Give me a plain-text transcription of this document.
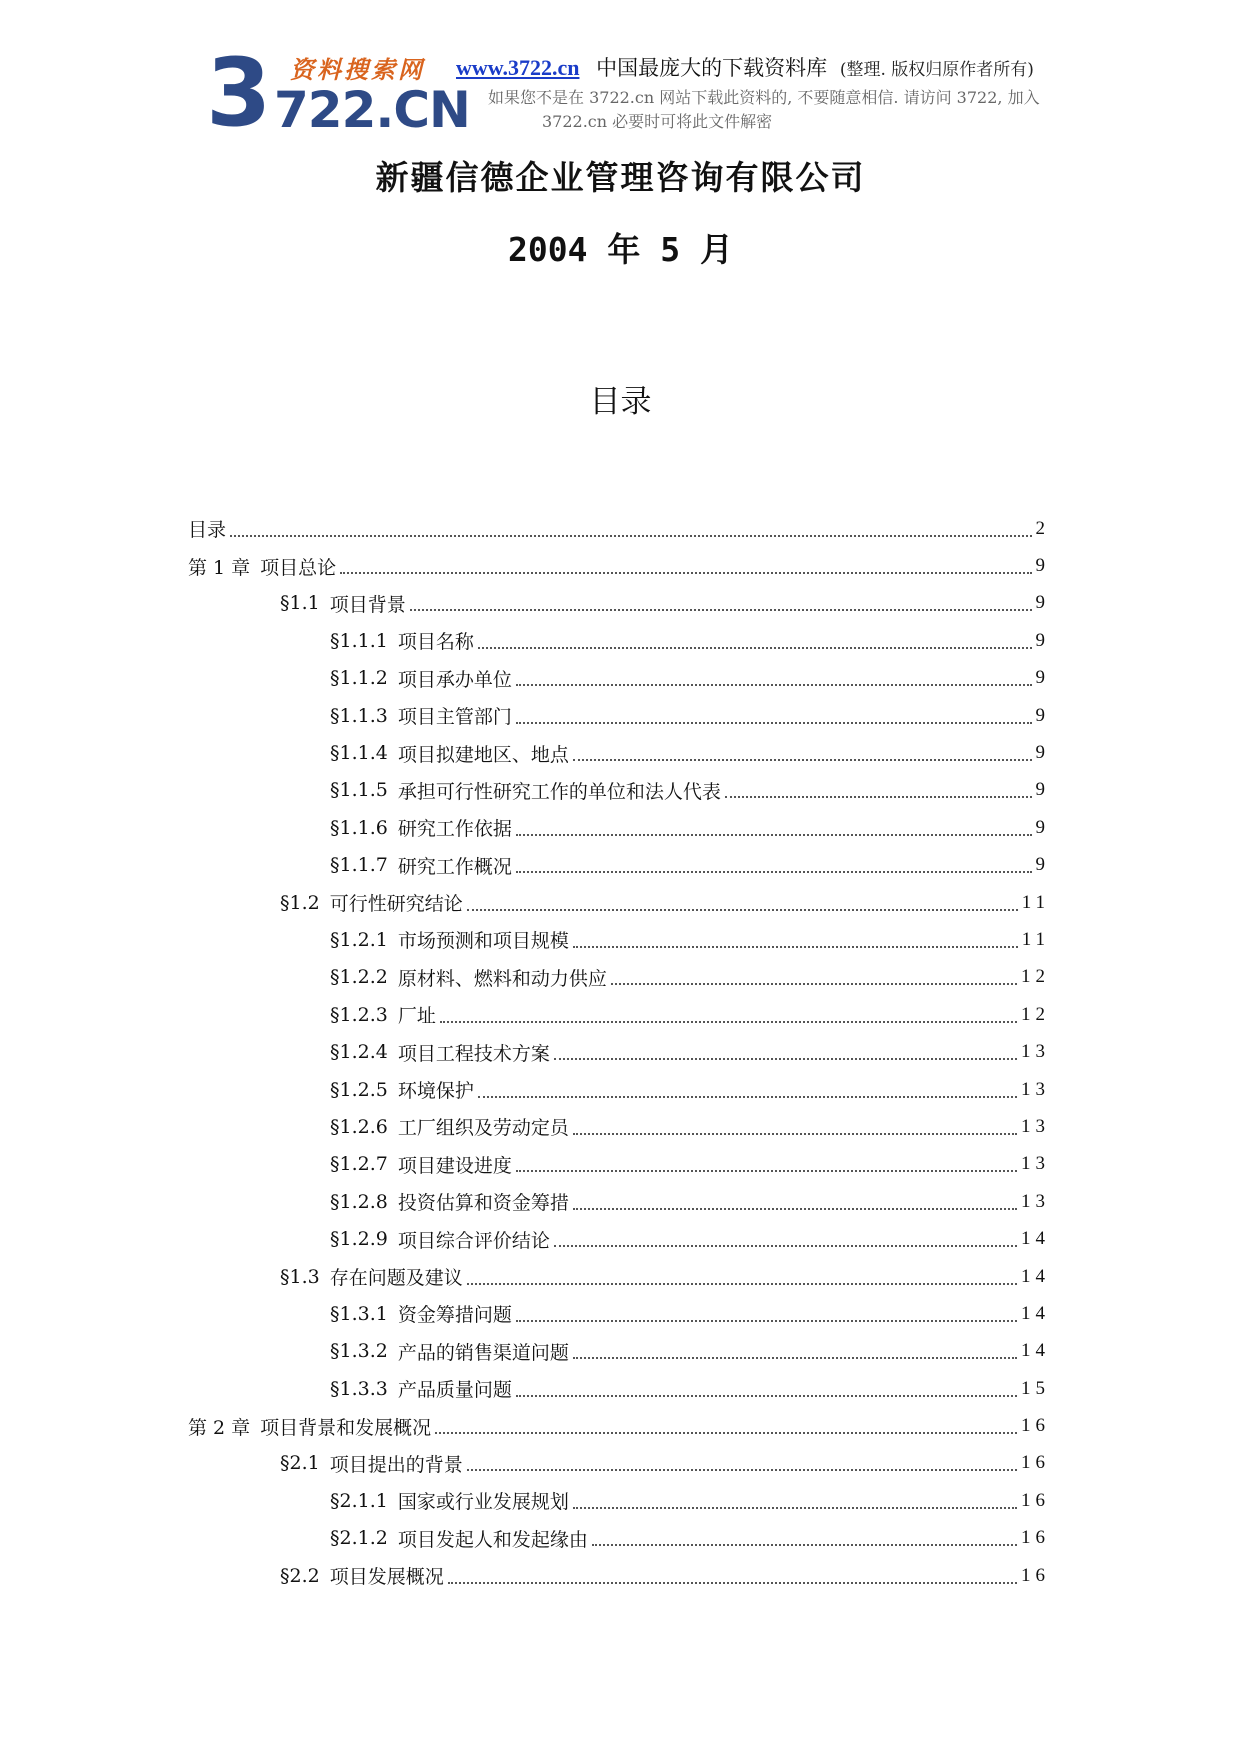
3 资料搜索网
722.CN
www.3722.cn 中国最庞大的下载资料库 (整理. 版权归原作者所有)
如果您不是在 3722.cn 网站下载此资料的, 不要随意相信. 请访问 3722, 加入
3722.cn 必要时可将此文件解密
新疆信德企业管理咨询有限公司
2004 年 5 月
目录
目录	2
第 1 章 项目总论	9
§1.1 项目背景	9
§1.1.1 项目名称	9
§1.1.2 项目承办单位	9
§1.1.3 项目主管部门	9
§1.1.4 项目拟建地区、地点	9
§1.1.5 承担可行性研究工作的单位和法人代表	9
§1.1.6 研究工作依据	9
§1.1.7 研究工作概况	9
§1.2 可行性研究结论	11
§1.2.1 市场预测和项目规模	11
§1.2.2 原材料、燃料和动力供应	12
§1.2.3 厂址	12
§1.2.4 项目工程技术方案	13
§1.2.5 环境保护	13
§1.2.6 工厂组织及劳动定员	13
§1.2.7 项目建设进度	13
§1.2.8 投资估算和资金筹措	13
§1.2.9 项目综合评价结论	14
§1.3 存在问题及建议	14
§1.3.1 资金筹措问题	14
§1.3.2 产品的销售渠道问题	14
§1.3.3 产品质量问题	15
第 2 章 项目背景和发展概况	16
§2.1 项目提出的背景	16
§2.1.1 国家或行业发展规划	16
§2.1.2 项目发起人和发起缘由	16
§2.2 项目发展概况	16
